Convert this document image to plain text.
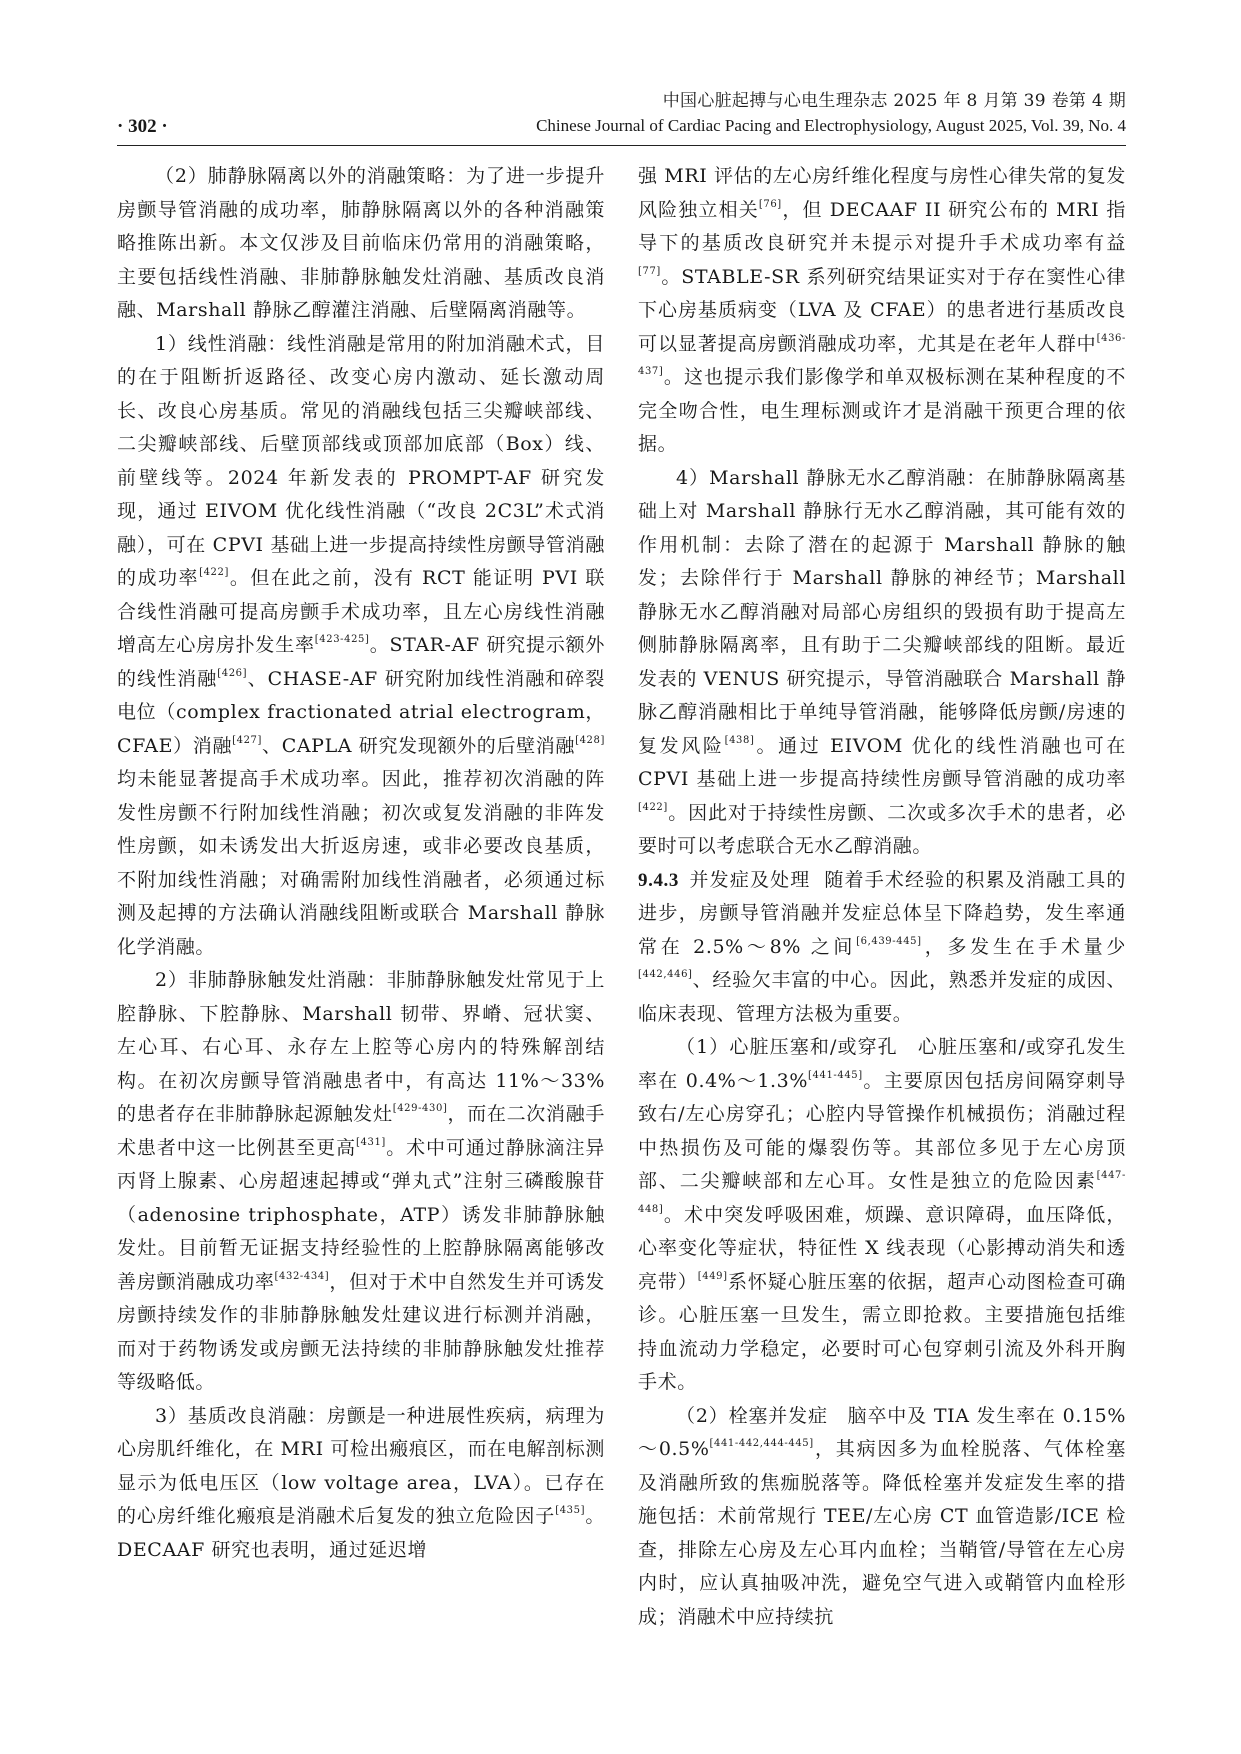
中国心脏起搏与心电生理杂志 2025 年 8 月第 39 卷第 4 期
· 302 ·	Chinese Journal of Cardiac Pacing and Electrophysiology, August 2025, Vol. 39, No. 4

（2）肺静脉隔离以外的消融策略：为了进一步提升房颤导管消融的成功率，肺静脉隔离以外的各种消融策略推陈出新。本文仅涉及目前临床仍常用的消融策略，主要包括线性消融、非肺静脉触发灶消融、基质改良消融、Marshall 静脉乙醇灌注消融、后壁隔离消融等。

1）线性消融：线性消融是常用的附加消融术式，目的在于阻断折返路径、改变心房内激动、延长激动周长、改良心房基质。常见的消融线包括三尖瓣峡部线、二尖瓣峡部线、后壁顶部线或顶部加底部（Box）线、前壁线等。2024 年新发表的 PROMPT-AF 研究发现，通过 EIVOM 优化线性消融（“改良 2C3L”术式消融），可在 CPVI 基础上进一步提高持续性房颤导管消融的成功率[422]。但在此之前，没有 RCT 能证明 PVI 联合线性消融可提高房颤手术成功率，且左心房线性消融增高左心房房扑发生率[423-425]。STAR-AF 研究提示额外的线性消融[426]、CHASE-AF 研究附加线性消融和碎裂电位（complex fractionated atrial electrogram，CFAE）消融[427]、CAPLA 研究发现额外的后壁消融[428]均未能显著提高手术成功率。因此，推荐初次消融的阵发性房颤不行附加线性消融；初次或复发消融的非阵发性房颤，如未诱发出大折返房速，或非必要改良基质，不附加线性消融；对确需附加线性消融者，必须通过标测及起搏的方法确认消融线阻断或联合 Marshall 静脉化学消融。

2）非肺静脉触发灶消融：非肺静脉触发灶常见于上腔静脉、下腔静脉、Marshall 韧带、界嵴、冠状窦、左心耳、右心耳、永存左上腔等心房内的特殊解剖结构。在初次房颤导管消融患者中，有高达 11%～33% 的患者存在非肺静脉起源触发灶[429-430]，而在二次消融手术患者中这一比例甚至更高[431]。术中可通过静脉滴注异丙肾上腺素、心房超速起搏或“弹丸式”注射三磷酸腺苷（adenosine triphosphate，ATP）诱发非肺静脉触发灶。目前暂无证据支持经验性的上腔静脉隔离能够改善房颤消融成功率[432-434]，但对于术中自然发生并可诱发房颤持续发作的非肺静脉触发灶建议进行标测并消融，而对于药物诱发或房颤无法持续的非肺静脉触发灶推荐等级略低。

3）基质改良消融：房颤是一种进展性疾病，病理为心房肌纤维化，在 MRI 可检出瘢痕区，而在电解剖标测显示为低电压区（low voltage area，LVA）。已存在的心房纤维化瘢痕是消融术后复发的独立危险因子[435]。DECAAF 研究也表明，通过延迟增

强 MRI 评估的左心房纤维化程度与房性心律失常的复发风险独立相关[76]，但 DECAAF II 研究公布的 MRI 指导下的基质改良研究并未提示对提升手术成功率有益[77]。STABLE-SR 系列研究结果证实对于存在窦性心律下心房基质病变（LVA 及 CFAE）的患者进行基质改良可以显著提高房颤消融成功率，尤其是在老年人群中[436-437]。这也提示我们影像学和单双极标测在某种程度的不完全吻合性，电生理标测或许才是消融干预更合理的依据。

4）Marshall 静脉无水乙醇消融：在肺静脉隔离基础上对 Marshall 静脉行无水乙醇消融，其可能有效的作用机制：去除了潜在的起源于 Marshall 静脉的触发；去除伴行于 Marshall 静脉的神经节；Marshall 静脉无水乙醇消融对局部心房组织的毁损有助于提高左侧肺静脉隔离率，且有助于二尖瓣峡部线的阻断。最近发表的 VENUS 研究提示，导管消融联合 Marshall 静脉乙醇消融相比于单纯导管消融，能够降低房颤/房速的复发风险[438]。通过 EIVOM 优化的线性消融也可在 CPVI 基础上进一步提高持续性房颤导管消融的成功率[422]。因此对于持续性房颤、二次或多次手术的患者，必要时可以考虑联合无水乙醇消融。

9.4.3 并发症及处理 随着手术经验的积累及消融工具的进步，房颤导管消融并发症总体呈下降趋势，发生率通常在 2.5%～8% 之间[6,439-445]，多发生在手术量少[442,446]、经验欠丰富的中心。因此，熟悉并发症的成因、临床表现、管理方法极为重要。

（1）心脏压塞和/或穿孔　心脏压塞和/或穿孔发生率在 0.4%～1.3%[441-445]。主要原因包括房间隔穿刺导致右/左心房穿孔；心腔内导管操作机械损伤；消融过程中热损伤及可能的爆裂伤等。其部位多见于左心房顶部、二尖瓣峡部和左心耳。女性是独立的危险因素[447-448]。术中突发呼吸困难，烦躁、意识障碍，血压降低，心率变化等症状，特征性 X 线表现（心影搏动消失和透亮带）[449]系怀疑心脏压塞的依据，超声心动图检查可确诊。心脏压塞一旦发生，需立即抢救。主要措施包括维持血流动力学稳定，必要时可心包穿刺引流及外科开胸手术。

（2）栓塞并发症　脑卒中及 TIA 发生率在 0.15%～0.5%[441-442,444-445]，其病因多为血栓脱落、气体栓塞及消融所致的焦痂脱落等。降低栓塞并发症发生率的措施包括：术前常规行 TEE/左心房 CT 血管造影/ICE 检查，排除左心房及左心耳内血栓；当鞘管/导管在左心房内时，应认真抽吸冲洗，避免空气进入或鞘管内血栓形成；消融术中应持续抗
